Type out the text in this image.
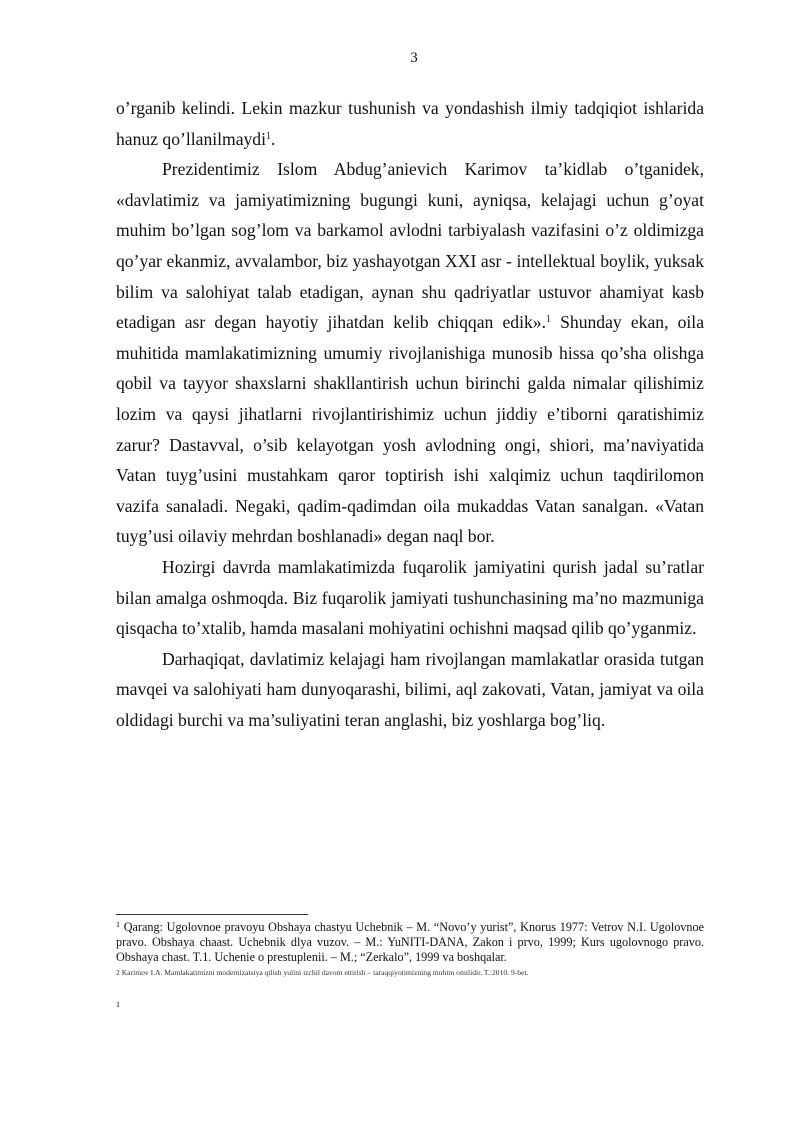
3

o’rganib kelindi. Lekin mazkur tushunish va yondashish ilmiy tadqiqiot ishlarida hanuz qo’llanilmaydi$^1$.

Prezidentimiz Islom Abdug’anievich Karimov ta’kidlab o’tganidek, «davlatimiz va jamiyatimizning bugungi kuni, ayniqsa, kelajagi uchun g’oyat muhim bo’lgan sog’lom va barkamol avlodni tarbiyalash vazifasini o’z oldimizga qo’yar ekanmiz, avvalambor, biz yashayotgan XXI asr - intellektual boylik, yuksak bilim va salohiyat talab etadigan, aynan shu qadriyatlar ustuvor ahamiyat kasb etadigan asr degan hayotiy jihatdan kelib chiqqan edik».$^1$ Shunday ekan, oila muhitida mamlakatimizning umumiy rivojlanishiga munosib hissa qo’sha olishga qobil va tayyor shaxslarni shakllantirish uchun birinchi galda nimalar qilishimiz lozim va qaysi jihatlarni rivojlantirishimiz uchun jiddiy e’tiborni qaratishimiz zarur? Dastavval, o’sib kelayotgan yosh avlodning ongi, shiori, ma’naviyatida Vatan tuyg’usini mustahkam qaror toptirish ishi xalqimiz uchun taqdirilomon vazifa sanaladi. Negaki, qadim-qadimdan oila mukaddas Vatan sanalgan. «Vatan tuyg’usi oilaviy mehrdan boshlanadi» degan naql bor.

Hozirgi davrda mamlakatimizda fuqarolik jamiyatini qurish jadal su’ratlar bilan amalga oshmoqda. Biz fuqarolik jamiyati tushunchasining ma’no mazmuniga qisqacha to’xtalib, hamda masalani mohiyatini ochishni maqsad qilib qo’yganmiz.

Darhaqiqat, davlatimiz kelajagi ham rivojlangan mamlakatlar orasida tutgan mavqei va salohiyati ham dunyoqarashi, bilimi, aql zakovati, Vatan, jamiyat va oila oldidagi burchi va ma’suliyatini teran anglashi, biz yoshlarga bog’liq.

$^1$ Qarang: Ugolovnoe pravoyu Obshaya chastyu Uchebnik – M. “Novo’y yurist”, Knorus 1977: Vetrov N.I. Ugolovnoe pravo. Obshaya chaast. Uchebnik dlya vuzov. – M.: YuNITI-DANA, Zakon i prvo, 1999; Kurs ugolovnogo pravo. Obshaya chast. T.1. Uchenie o prestuplenii. – M.; “Zerkalo”, 1999 va boshqalar.

2 Karimov I.A. Mamlakatimizni modernizatsiya qilish yulini izchil davom ettirish – taraqqiyotimizning muhim omilidir. T.:2010. 9-bet.

1
